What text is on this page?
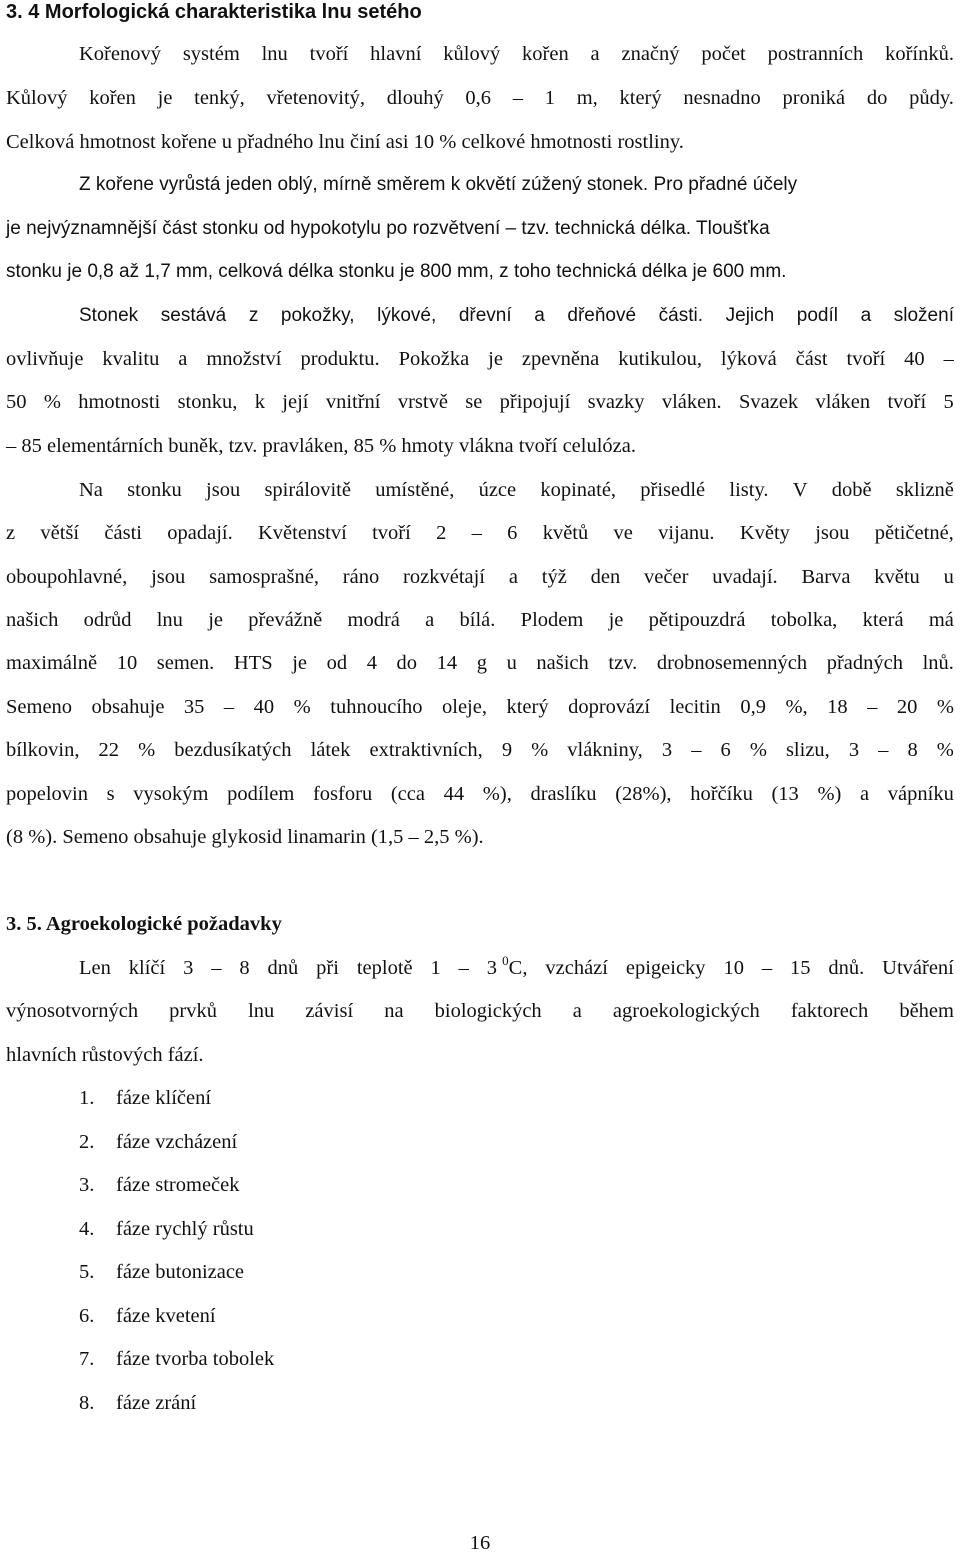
3. 4 Morfologická charakteristika lnu setého
Kořenový systém lnu tvoří hlavní kůlový kořen a značný počet postranních kořínků.
Kůlový kořen je tenký, vřetenovitý, dlouhý 0,6 – 1 m, který nesnadno proniká do půdy.
Celková hmotnost kořene u přadného lnu činí asi 10 % celkové hmotnosti rostliny.
Z kořene vyrůstá jeden oblý, mírně směrem k okvětí zúžený stonek. Pro přadné účely
je nejvýznamnější část stonku od hypokotylu po rozvětvení – tzv. technická délka. Tloušťka
stonku je 0,8 až 1,7 mm, celková délka stonku je 800 mm, z toho technická délka je 600 mm.
Stonek sestává z pokožky, lýkové, dřevní a dřeňové části. Jejich podíl a složení
ovlivňuje kvalitu a množství produktu. Pokožka je zpevněna kutikulou, lýková část tvoří 40 –
50 % hmotnosti stonku, k její vnitřní vrstvě se připojují svazky vláken. Svazek vláken tvoří 5
– 85 elementárních buněk, tzv. pravláken, 85 % hmoty vlákna tvoří celulóza.
Na stonku jsou spirálovitě umístěné, úzce kopinaté, přisedlé listy. V době sklizně
z větší části opadají. Květenství tvoří 2 – 6 květů ve vijanu. Květy jsou pětičetné,
oboupohlavné, jsou samosprašné, ráno rozkvétají a týž den večer uvadají. Barva květu u
našich odrůd lnu je převážně modrá a bílá. Plodem je pětipouzdrá tobolka, která má
maximálně 10 semen. HTS je od 4 do 14 g u našich tzv. drobnosemenných přadných lnů.
Semeno obsahuje 35 – 40 % tuhnoucího oleje, který doprovází lecitin 0,9 %, 18 – 20 %
bílkovin, 22 % bezdusíkatých látek extraktivních, 9 % vlákniny, 3 – 6 % slizu, 3 – 8 %
popelovin s vysokým podílem fosforu (cca 44 %), draslíku (28%), hořčíku (13 %) a vápníku
(8 %). Semeno obsahuje glykosid linamarin (1,5 – 2,5 %).
3. 5. Agroekologické požadavky
Len klíčí 3 – 8 dnů při teplotě 1 – 3 $^0$C, vzchází epigeicky 10 – 15 dnů. Utváření
výnosotvorných prvků lnu závisí na biologických a agroekologických faktorech během
hlavních růstových fází.
1. fáze klíčení
2. fáze vzcházení
3. fáze stromeček
4. fáze rychlý růstu
5. fáze butonizace
6. fáze kvetení
7. fáze tvorba tobolek
8. fáze zrání
16
